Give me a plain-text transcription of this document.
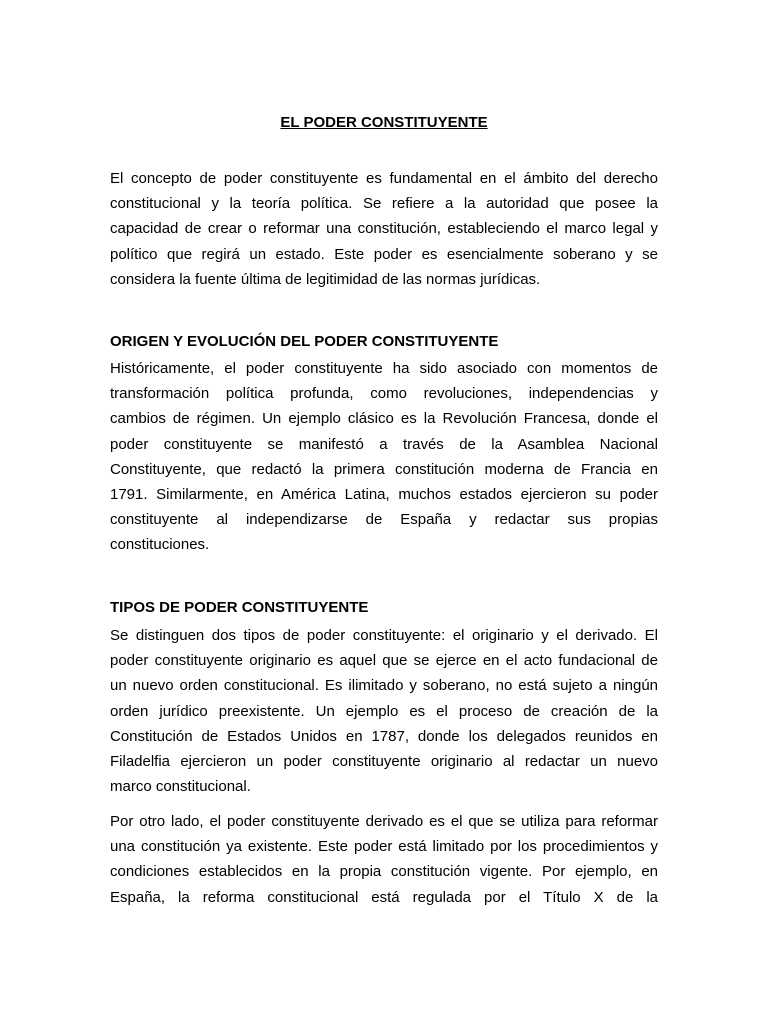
EL PODER CONSTITUYENTE

El concepto de poder constituyente es fundamental en el ámbito del derecho
constitucional y la teoría política. Se refiere a la autoridad que posee la
capacidad de crear o reformar una constitución, estableciendo el marco legal y
político que regirá un estado. Este poder es esencialmente soberano y se
considera la fuente última de legitimidad de las normas jurídicas.

ORIGEN Y EVOLUCIÓN DEL PODER CONSTITUYENTE

Históricamente, el poder constituyente ha sido asociado con momentos de
transformación política profunda, como revoluciones, independencias y
cambios de régimen. Un ejemplo clásico es la Revolución Francesa, donde el
poder constituyente se manifestó a través de la Asamblea Nacional
Constituyente, que redactó la primera constitución moderna de Francia en
1791. Similarmente, en América Latina, muchos estados ejercieron su poder
constituyente al independizarse de España y redactar sus propias
constituciones.

TIPOS DE PODER CONSTITUYENTE

Se distinguen dos tipos de poder constituyente: el originario y el derivado. El
poder constituyente originario es aquel que se ejerce en el acto fundacional de
un nuevo orden constitucional. Es ilimitado y soberano, no está sujeto a ningún
orden jurídico preexistente. Un ejemplo es el proceso de creación de la
Constitución de Estados Unidos en 1787, donde los delegados reunidos en
Filadelfia ejercieron un poder constituyente originario al redactar un nuevo
marco constitucional.

Por otro lado, el poder constituyente derivado es el que se utiliza para reformar
una constitución ya existente. Este poder está limitado por los procedimientos y
condiciones establecidos en la propia constitución vigente. Por ejemplo, en
España, la reforma constitucional está regulada por el Título X de la
